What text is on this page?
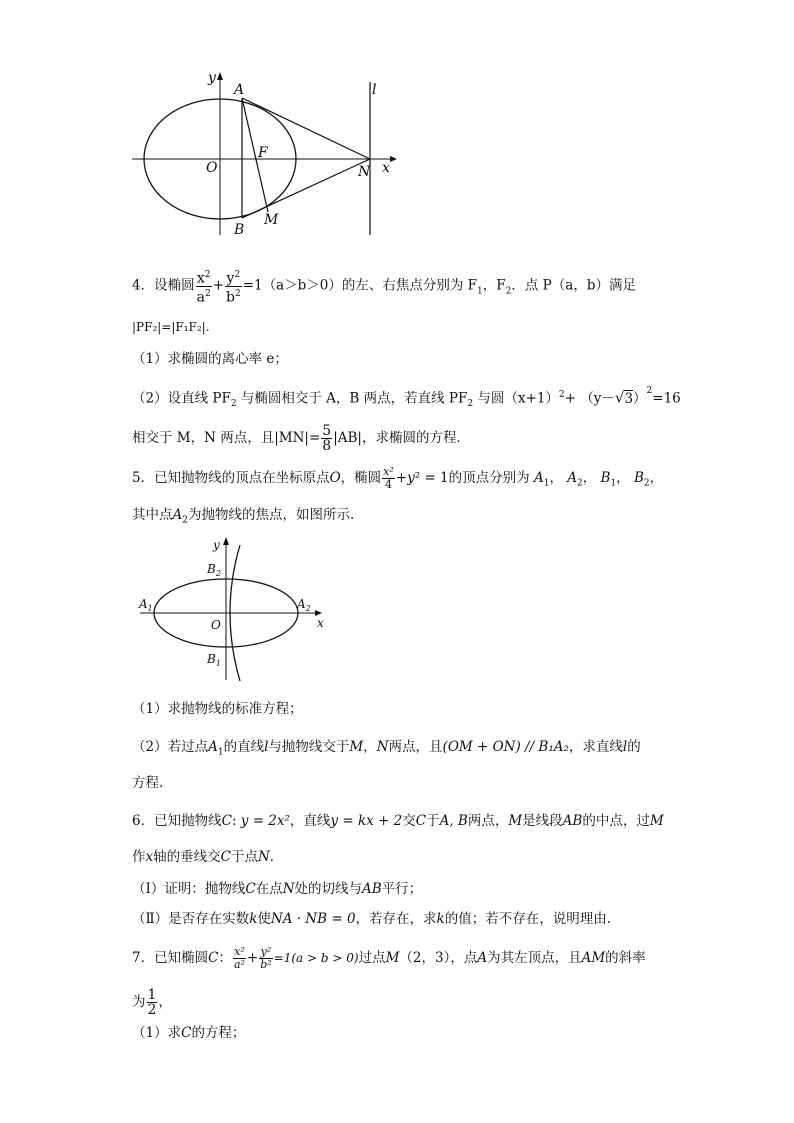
y
A	l
O
F
N x
B
M
4．设椭圆 $\frac{x^2}{a^2} + \frac{y^2}{b^2} =1(a>b>0)$的左、右焦点分别为 $F_1$，$F_2$．点 P（a，b）满足
|PF₂|=|F₁F₂|.
（1）求椭圆的离心率 e；
（2）设直线 $PF_2$ 与椭圆相交于 A，B 两点，若直线 $PF_2$ 与圆$(x+1)^2+ (y-√3)^2=16$
相交于 M，N 两点，且$|MN|= \frac{5}{8} |AB|$，求椭圆的方程．
5．已知抛物线的顶点在坐标原点O，椭圆 $\frac{\text{x²}}{4} +y^2 = 1$的顶点分别为 $A_1$， $A_2$， $B_1$， $B_2$，
其中点$A_2$为抛物线的焦点，如图所示.
y
$B_2$
$A_1$	$A_2$
O	x
$B_1$
（1）求抛物线的标准方程；
（2）若过点$A_1$的直线l与抛物线交于M，N两点，且(OM + ON) // B₁A₂，求直线l的
方程.
6．已知抛物线C: y = 2x²，直线y = kx + 2交C于A, B两点，M是线段AB的中点，过M
作x轴的垂线交C于点N．
（Ⅰ）证明：抛物线C在点N处的切线与AB平行；
（Ⅱ）是否存在实数k使NA · NB = 0，若存在，求k的值；若不存在，说明理由.
7．已知椭圆C： $\frac{\text{x²}}{\text{a²}} + \frac{\text{y²}}{\text{b²}} =1(a > b > 0)$过点M（2，3），点A为其左顶点，且AM的斜率
为 $\frac{1}{2}$ ，
（1）求C的方程；
